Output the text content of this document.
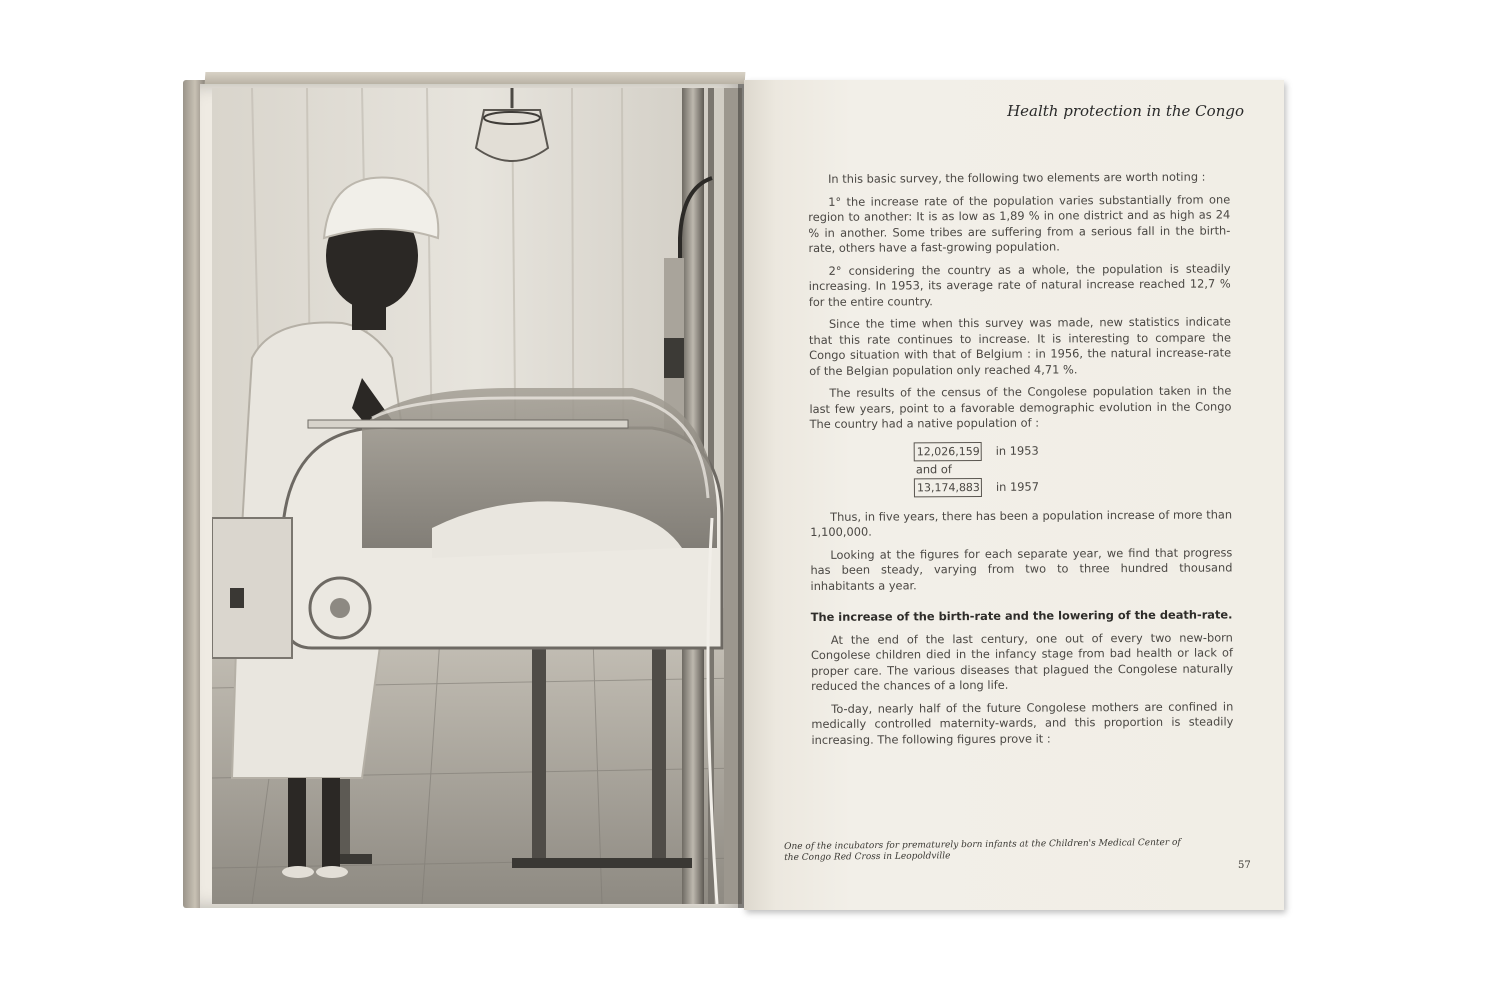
Health protection in the Congo

In this basic survey, the following two elements are worth noting :

1° the increase rate of the population varies substantially from one region to another: It is as low as 1,89 % in one district and as high as 24 % in another. Some tribes are suffering from a serious fall in the birth-rate, others have a fast-growing population.

2° considering the country as a whole, the population is steadily increasing. In 1953, its average rate of natural increase reached 12,7 % for the entire country.

Since the time when this survey was made, new statistics indicate that this rate continues to increase. It is interesting to compare the Congo situation with that of Belgium : in 1956, the natural increase-rate of the Belgian population only reached 4,71 %.

The results of the census of the Congolese population taken in the last few years, point to a favorable demographic evolution in the Congo The country had a native population of :

12,026,159 in 1953
and of
13,174,883 in 1957

Thus, in five years, there has been a population increase of more than 1,100,000.

Looking at the figures for each separate year, we find that progress has been steady, varying from two to three hundred thousand inhabitants a year.

The increase of the birth-rate and the lowering of the death-rate.

At the end of the last century, one out of every two new-born Congolese children died in the infancy stage from bad health or lack of proper care. The various diseases that plagued the Congolese naturally reduced the chances of a long life.

To-day, nearly half of the future Congolese mothers are confined in medically controlled maternity-wards, and this proportion is steadily increasing. The following figures prove it :

One of the incubators for prematurely born infants at the Children's Medical Center of the Congo Red Cross in Leopoldville

57
